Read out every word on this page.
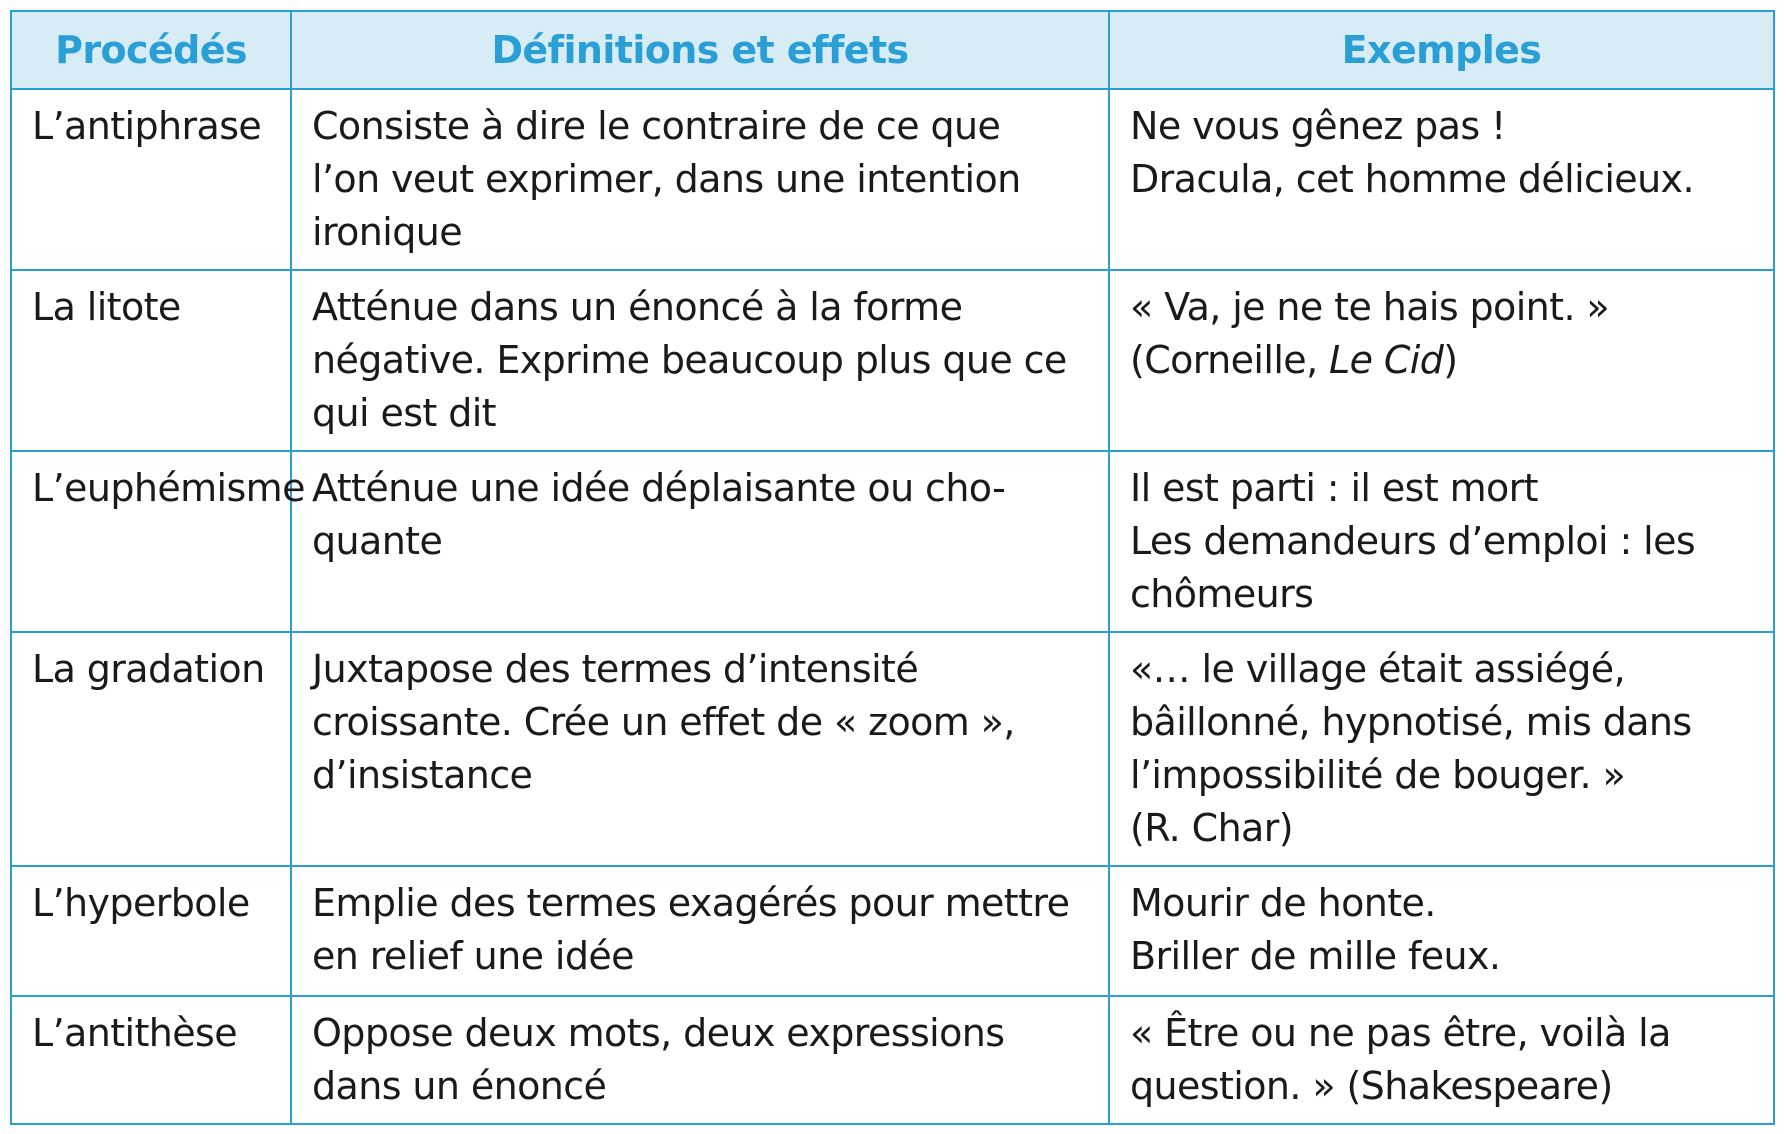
Procédés	Définitions et effets	Exemples
L’antiphrase	Consiste à dire le contraire de ce que
l’on veut exprimer, dans une intention
ironique	Ne vous gênez pas !
Dracula, cet homme délicieux.

La litote	Atténue dans un énoncé à la forme
négative. Exprime beaucoup plus que ce
qui est dit	« Va, je ne te hais point. »
(Corneille, Le Cid)

L’euphémisme	Atténue une idée déplaisante ou cho-
quante	Il est parti : il est mort
Les demandeurs d’emploi : les
chômeurs

La gradation	Juxtapose des termes d’intensité
croissante. Crée un effet de « zoom »,
d’insistance	«… le village était assiégé,
bâillonné, hypnotisé, mis dans
l’impossibilité de bouger. »
(R. Char)

L’hyperbole	Emplie des termes exagérés pour mettre
en relief une idée	Mourir de honte.
Briller de mille feux.

L’antithèse	Oppose deux mots, deux expressions
dans un énoncé	« Être ou ne pas être, voilà la
question. » (Shakespeare)
